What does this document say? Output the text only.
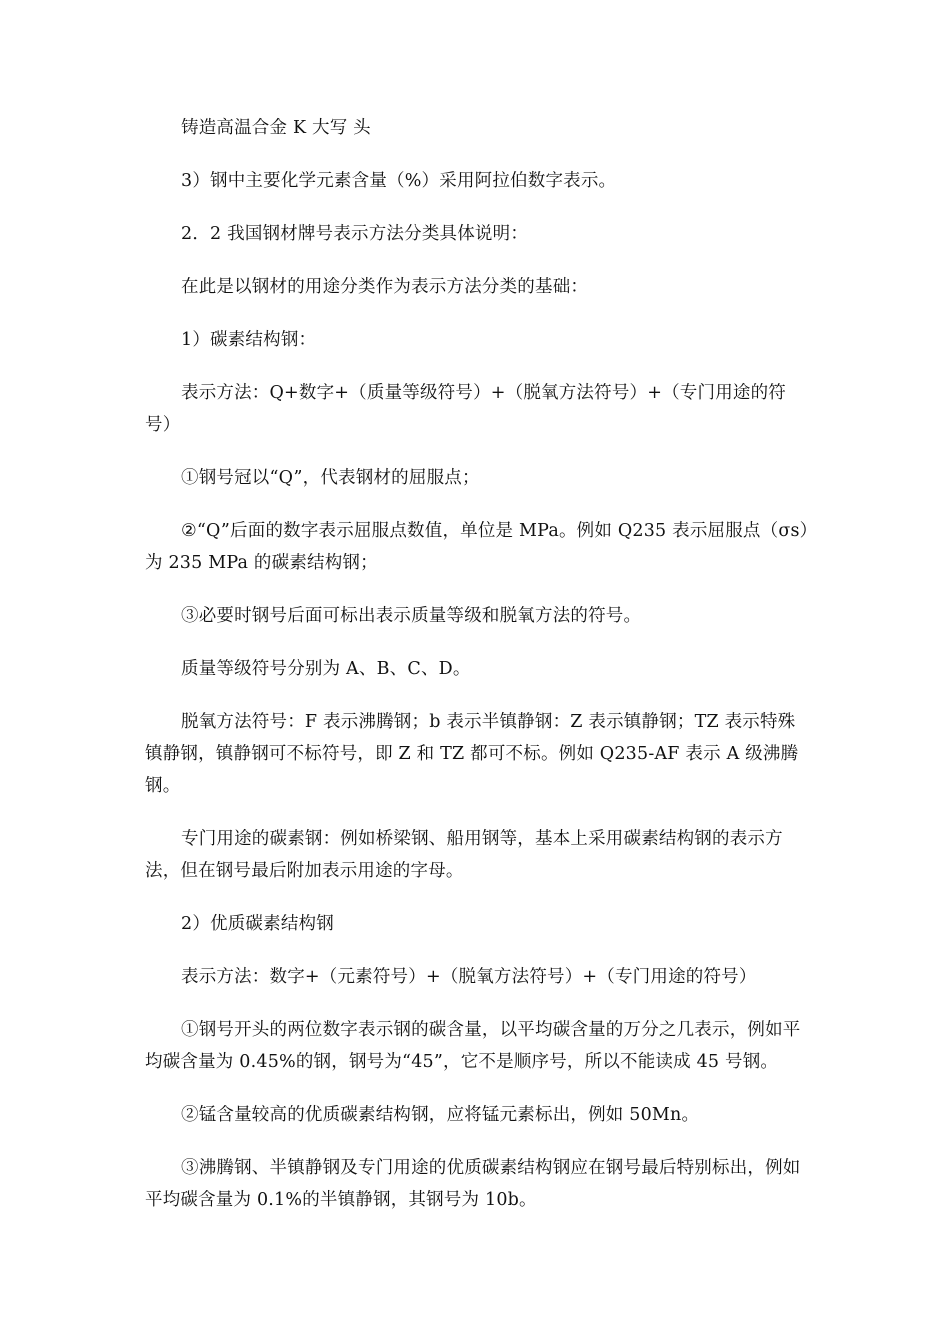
铸造高温合金 K 大写 头

3）钢中主要化学元素含量（%）采用阿拉伯数字表示。

2．2 我国钢材牌号表示方法分类具体说明：

在此是以钢材的用途分类作为表示方法分类的基础：

1）碳素结构钢：

表示方法：Q+数字+（质量等级符号）+（脱氧方法符号）+（专门用途的符号）

①钢号冠以“Q”，代表钢材的屈服点；

②“Q”后面的数字表示屈服点数值，单位是 MPa。例如 Q235 表示屈服点（σs）为 235 MPa 的碳素结构钢；

③必要时钢号后面可标出表示质量等级和脱氧方法的符号。

质量等级符号分别为 A、B、C、D。

脱氧方法符号：F 表示沸腾钢；b 表示半镇静钢：Z 表示镇静钢；TZ 表示特殊镇静钢，镇静钢可不标符号，即 Z 和 TZ 都可不标。例如 Q235-AF 表示 A 级沸腾钢。

专门用途的碳素钢：例如桥梁钢、船用钢等，基本上采用碳素结构钢的表示方法，但在钢号最后附加表示用途的字母。

2）优质碳素结构钢

表示方法：数字+（元素符号）+（脱氧方法符号）+（专门用途的符号）

①钢号开头的两位数字表示钢的碳含量，以平均碳含量的万分之几表示，例如平均碳含量为 0.45%的钢，钢号为“45”，它不是顺序号，所以不能读成 45 号钢。

②锰含量较高的优质碳素结构钢，应将锰元素标出，例如 50Mn。

③沸腾钢、半镇静钢及专门用途的优质碳素结构钢应在钢号最后特别标出，例如平均碳含量为 0.1%的半镇静钢，其钢号为 10b。
